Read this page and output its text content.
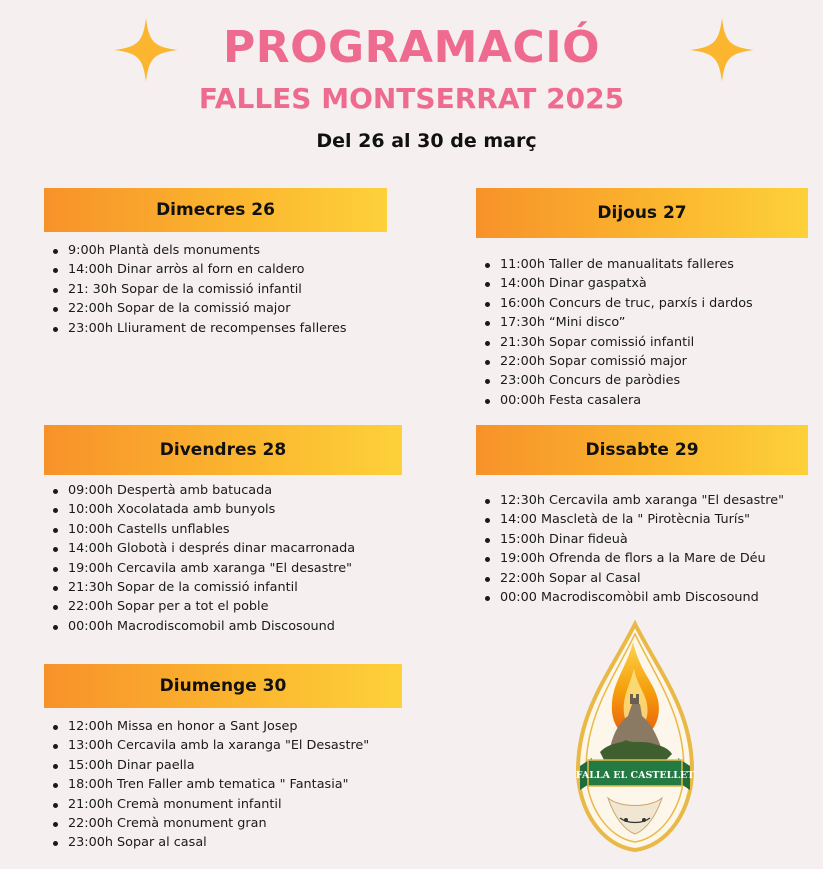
PROGRAMACIÓ
FALLES MONTSERRAT 2025
Del 26 al 30 de març
Dimecres 26
9:00h Plantà dels monuments
14:00h Dinar arròs al forn en caldero
21: 30h Sopar de la comissió infantil
22:00h Sopar de la comissió major
23:00h Lliurament de recompenses falleres
Dijous 27
11:00h Taller de manualitats falleres
14:00h Dinar gaspatxà
16:00h Concurs de truc, parxís i dardos
17:30h “Mini disco”
21:30h Sopar comissió infantil
22:00h Sopar comissió major
23:00h Concurs de paròdies
00:00h Festa casalera
Divendres 28
09:00h Despertà amb batucada
10:00h Xocolatada amb bunyols
10:00h Castells unflables
14:00h Globotà i després dinar macarronada
19:00h Cercavila amb xaranga "El desastre"
21:30h Sopar de la comissió infantil
22:00h Sopar per a tot el poble
00:00h Macrodiscomobil amb Discosound
Dissabte 29
12:30h Cercavila amb xaranga "El desastre"
14:00 Mascletà de la " Pirotècnia Turís"
15:00h Dinar fideuà
19:00h Ofrenda de flors a la Mare de Déu
22:00h Sopar al Casal
00:00 Macrodiscomòbil amb Discosound
Diumenge 30
12:00h Missa en honor a Sant Josep
13:00h Cercavila amb la xaranga "El Desastre"
15:00h Dinar paella
18:00h Tren Faller amb tematica " Fantasia"
21:00h Cremà monument infantil
22:00h Cremà monument gran
23:00h Sopar al casal
FALLA EL CASTELLET
